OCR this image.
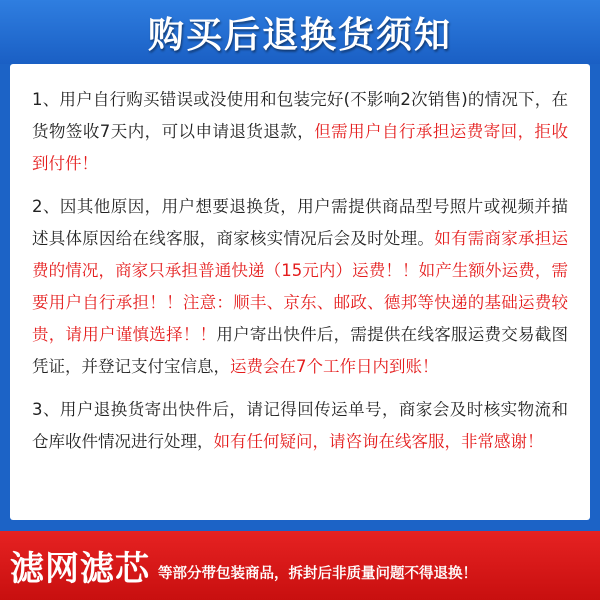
购买后退换货须知

1、用户自行购买错误或没使用和包装完好(不影响2次销售)的情况下，在货物签收7天内，可以申请退货退款，但需用户自行承担运费寄回，拒收到付件！

2、因其他原因，用户想要退换货，用户需提供商品型号照片或视频并描述具体原因给在线客服，商家核实情况后会及时处理。如有需商家承担运费的情况，商家只承担普通快递（15元内）运费！！如产生额外运费，需要用户自行承担！！注意：顺丰、京东、邮政、德邦等快递的基础运费较贵，请用户谨慎选择！！用户寄出快件后，需提供在线客服运费交易截图凭证，并登记支付宝信息，运费会在7个工作日内到账！

3、用户退换货寄出快件后，请记得回传运单号，商家会及时核实物流和仓库收件情况进行处理，如有任何疑问，请咨询在线客服，非常感谢！

滤网滤芯 等部分带包装商品，拆封后非质量问题不得退换！
